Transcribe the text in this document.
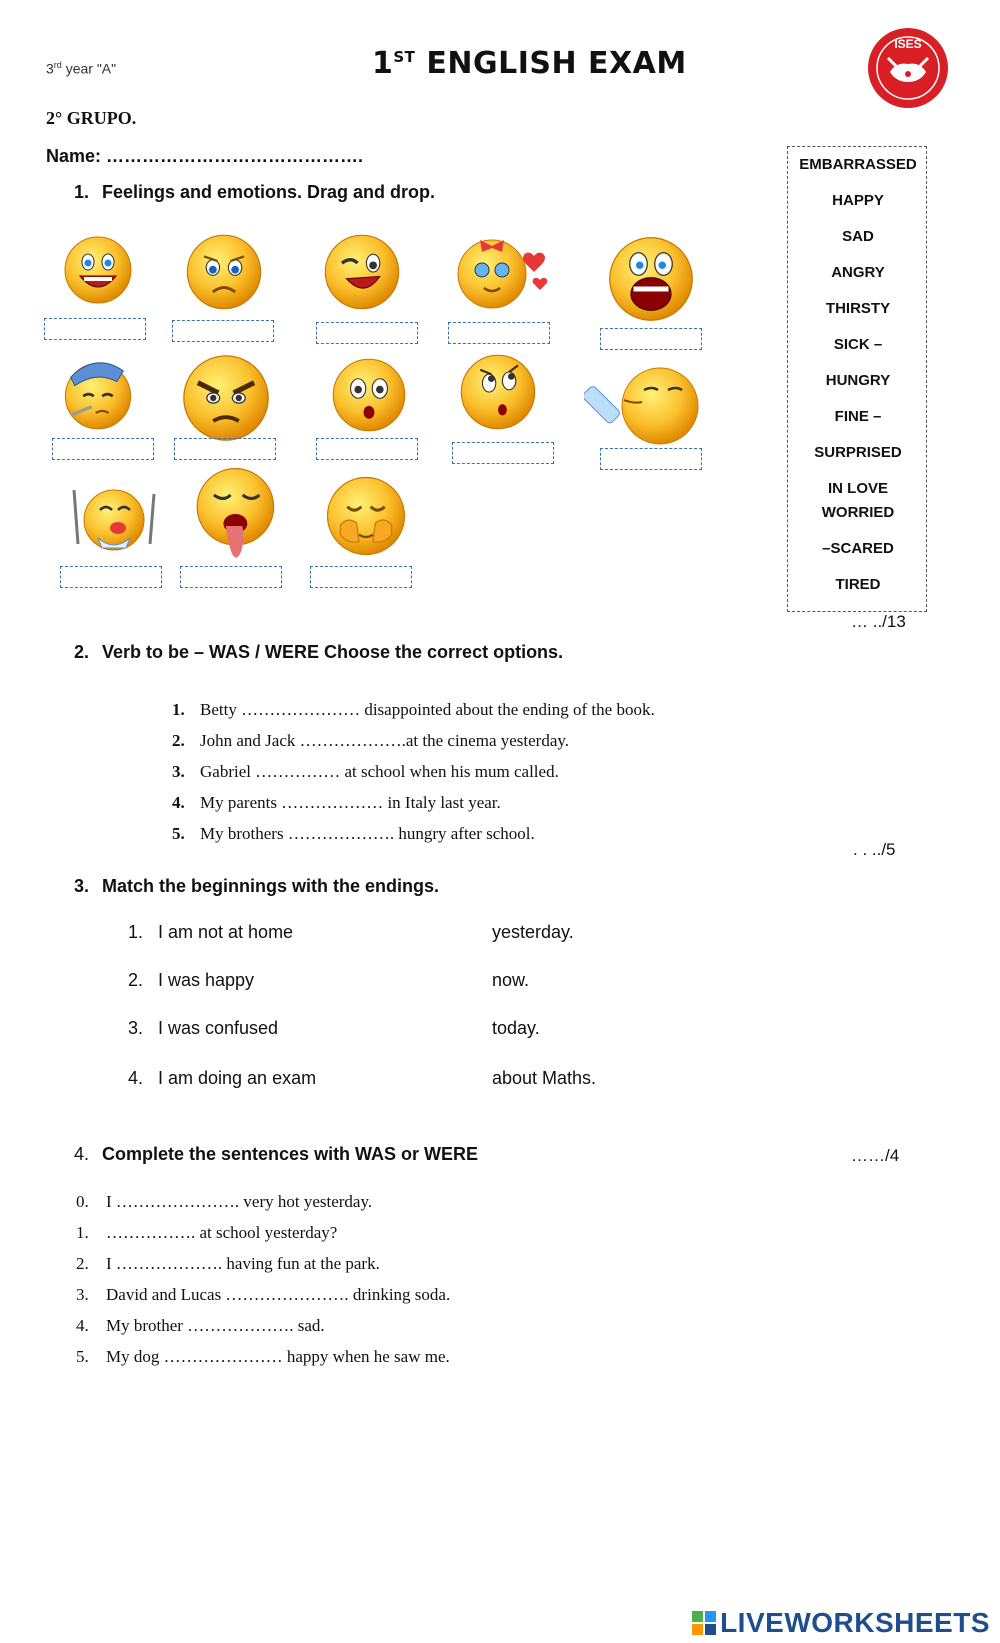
3rd year "A"	1ST ENGLISH EXAM
ISES
2° GRUPO.
Name: …………………………………….
1. Feelings and emotions. Drag and drop.
EMBARRASSED
HAPPY
SAD
ANGRY
THIRSTY
SICK –
HUNGRY
FINE –
SURPRISED
IN LOVE
WORRIED
–SCARED
TIRED
… ../13
2. Verb to be – WAS / WERE Choose the correct options.
1. Betty ………………… disappointed about the ending of the book.
2. John and Jack ……………….at the cinema yesterday.
3. Gabriel …………… at school when his mum called.
4. My parents ……………… in Italy last year.
5. My brothers ………………. hungry after school.
. . ../5
3. Match the beginnings with the endings.
1. I am not at home
2. I was happy
3. I was confused
4. I am doing an exam
yesterday.
now.
today.
about Maths.
4. Complete the sentences with WAS or WERE	……/4
0. I …………………. very hot yesterday.
1. ……………. at school yesterday?
2. I ………………. having fun at the park.
3. David and Lucas …………………. drinking soda.
4. My brother ………………. sad.
5. My dog ………………… happy when he saw me.
LIVEWORKSHEETS
